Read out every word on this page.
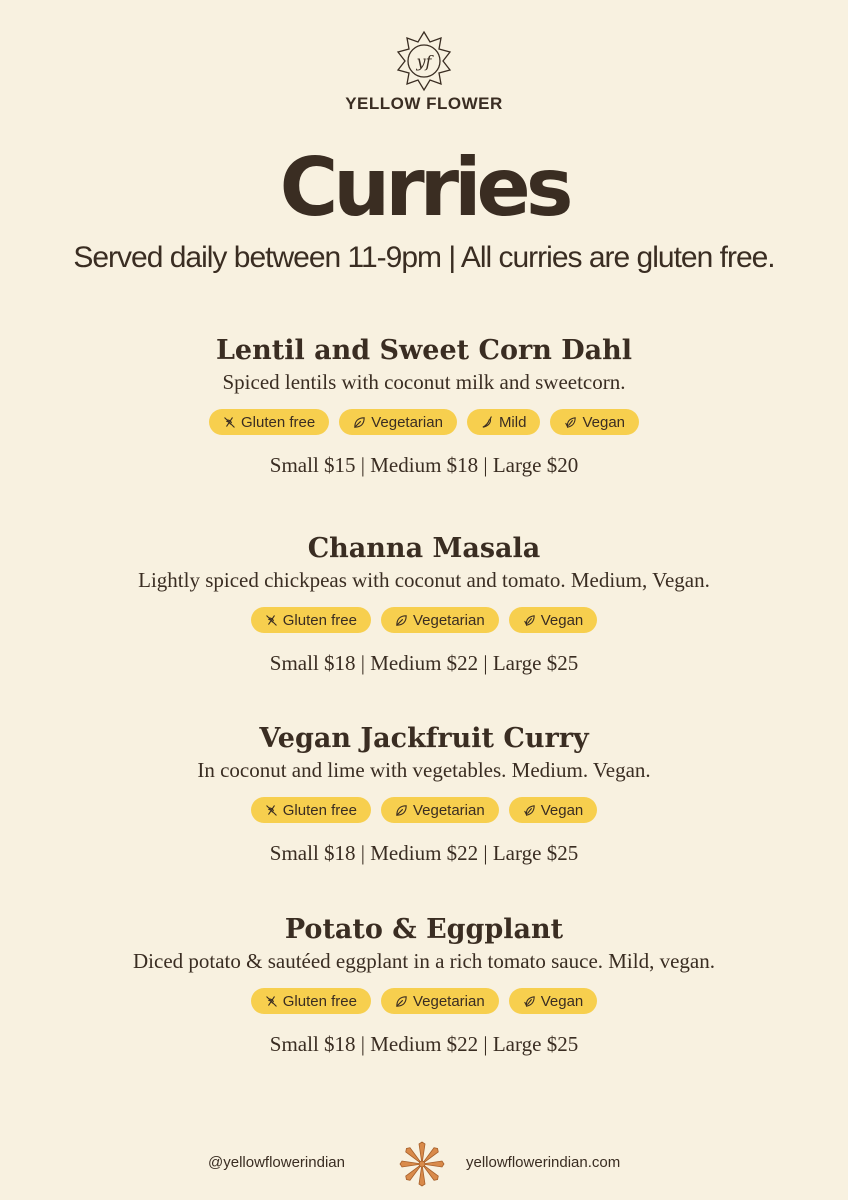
yf
YELLOW FLOWER
Curries
Served daily between 11-9pm | All curries are gluten free.
Lentil and Sweet Corn Dahl
Spiced lentils with coconut milk and sweetcorn.
Gluten free	Vegetarian	Mild	Vegan
Small $15 | Medium $18 | Large $20
Channa Masala
Lightly spiced chickpeas with coconut and tomato. Medium, Vegan.
Gluten free	Vegetarian	Vegan
Small $18 | Medium $22 | Large $25
Vegan Jackfruit Curry
In coconut and lime with vegetables. Medium. Vegan.
Gluten free	Vegetarian	Vegan
Small $18 | Medium $22 | Large $25
Potato & Eggplant
Diced potato & sautéed eggplant in a rich tomato sauce. Mild, vegan.
Gluten free	Vegetarian	Vegan
Small $18 | Medium $22 | Large $25
@yellowflowerindian	yellowflowerindian.com
